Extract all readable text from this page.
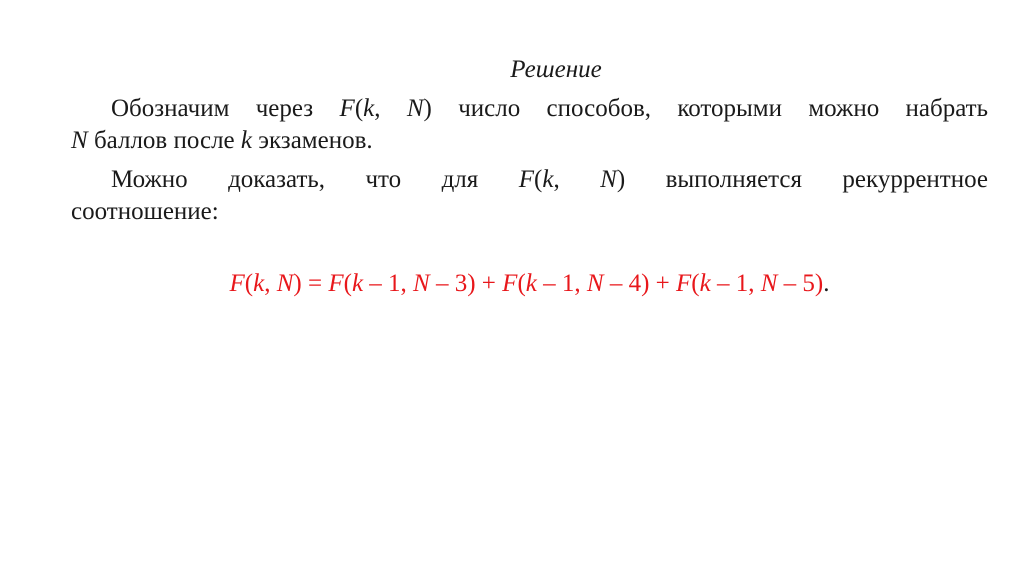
Решение
Обозначим через F(k, N) число способов, которыми можно набрать
N баллов после k экзаменов.
Можно доказать, что для F(k, N) выполняется рекуррентное
соотношение:
F(k, N) = F(k – 1, N – 3) + F(k – 1, N – 4) + F(k – 1, N – 5).
